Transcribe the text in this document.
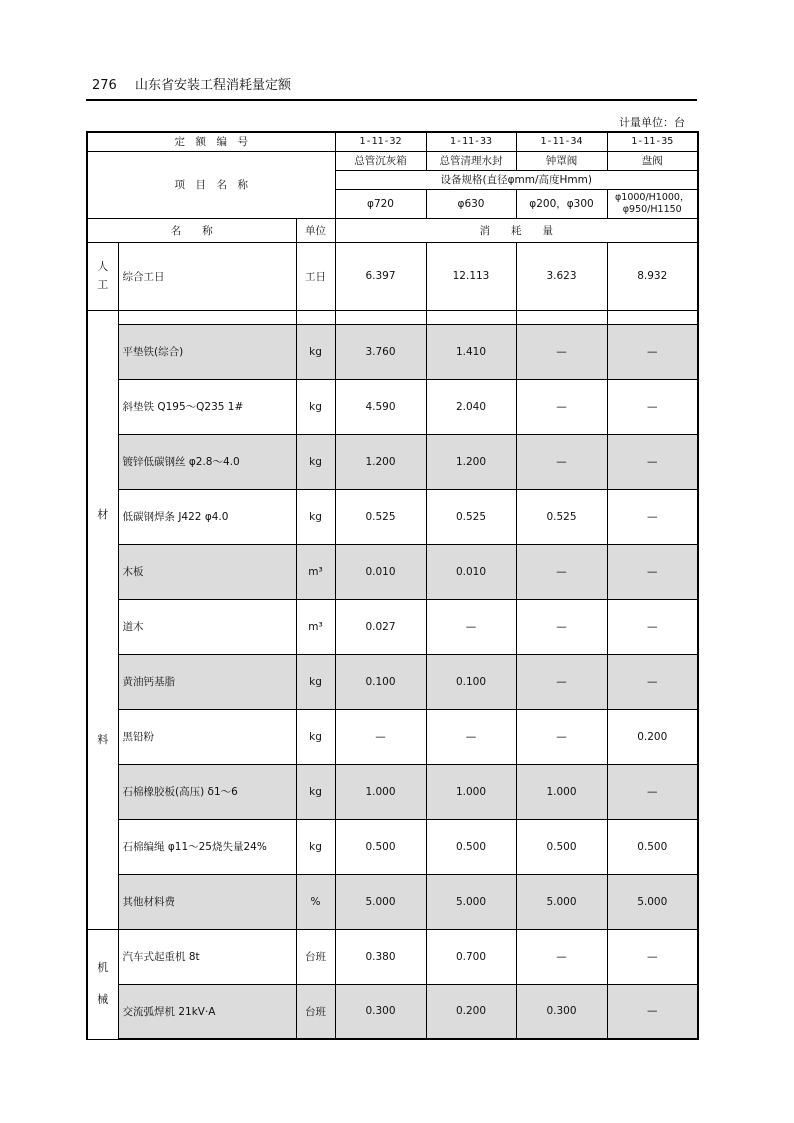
276 山东省安装工程消耗量定额
计量单位：台
定　额　编　号			1-11-32	1-11-33	1-11-34	1-11-35
项　目　名　称			总管沉灰箱	总管清理水封	钟罩阀	盘阀
			设备规格(直径φmm/高度Hmm)			
			φ720	φ630	φ200，φ300	φ1000/H1000，
φ950/H1150

名　　称		单位	消　　耗　　量			

人
工	综合工日	工日	6.397	12.113	3.623	8.932

材
料						

	平垫铁(综合)	kg	3.760	1.410	—	—
	斜垫铁 Q195～Q235 1#	kg	4.590	2.040	—	—
	镀锌低碳钢丝 φ2.8～4.0	kg	1.200	1.200	—	—
	低碳钢焊条 J422 φ4.0	kg	0.525	0.525	0.525	—
	木板	m³	0.010	0.010	—	—
	道木	m³	0.027	—	—	—
	黄油钙基脂	kg	0.100	0.100	—	—
	黑铅粉	kg	—	—	—	0.200
	石棉橡胶板(高压) δ1～6	kg	1.000	1.000	1.000	—
	石棉编绳 φ11～25烧失量24%	kg	0.500	0.500	0.500	0.500
	其他材料费	%	5.000	5.000	5.000	5.000

机
械	汽车式起重机 8t	台班	0.380	0.700	—	—
	交流弧焊机 21kV·A	台班	0.300	0.200	0.300	—
